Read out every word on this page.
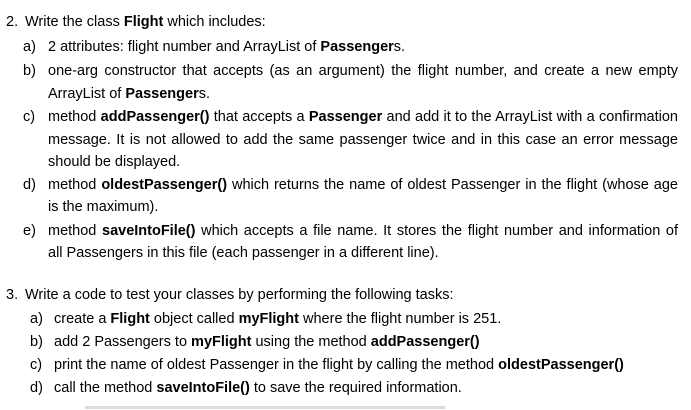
2. Write the class Flight which includes:
a) 2 attributes: flight number and ArrayList of Passengers.
b) one-arg constructor that accepts (as an argument) the flight number, and create a new empty
ArrayList of Passengers.
c) method addPassenger() that accepts a Passenger and add it to the ArrayList with a confirmation
message. It is not allowed to add the same passenger twice and in this case an error message
should be displayed.
d) method oldestPassenger() which returns the name of oldest Passenger in the flight (whose age
is the maximum).
e) method saveIntoFile() which accepts a file name. It stores the flight number and information of
all Passengers in this file (each passenger in a different line).
3. Write a code to test your classes by performing the following tasks:
a) create a Flight object called myFlight where the flight number is 251.
b) add 2 Passengers to myFlight using the method addPassenger()
c) print the name of oldest Passenger in the flight by calling the method oldestPassenger()
d) call the method saveIntoFile() to save the required information.
